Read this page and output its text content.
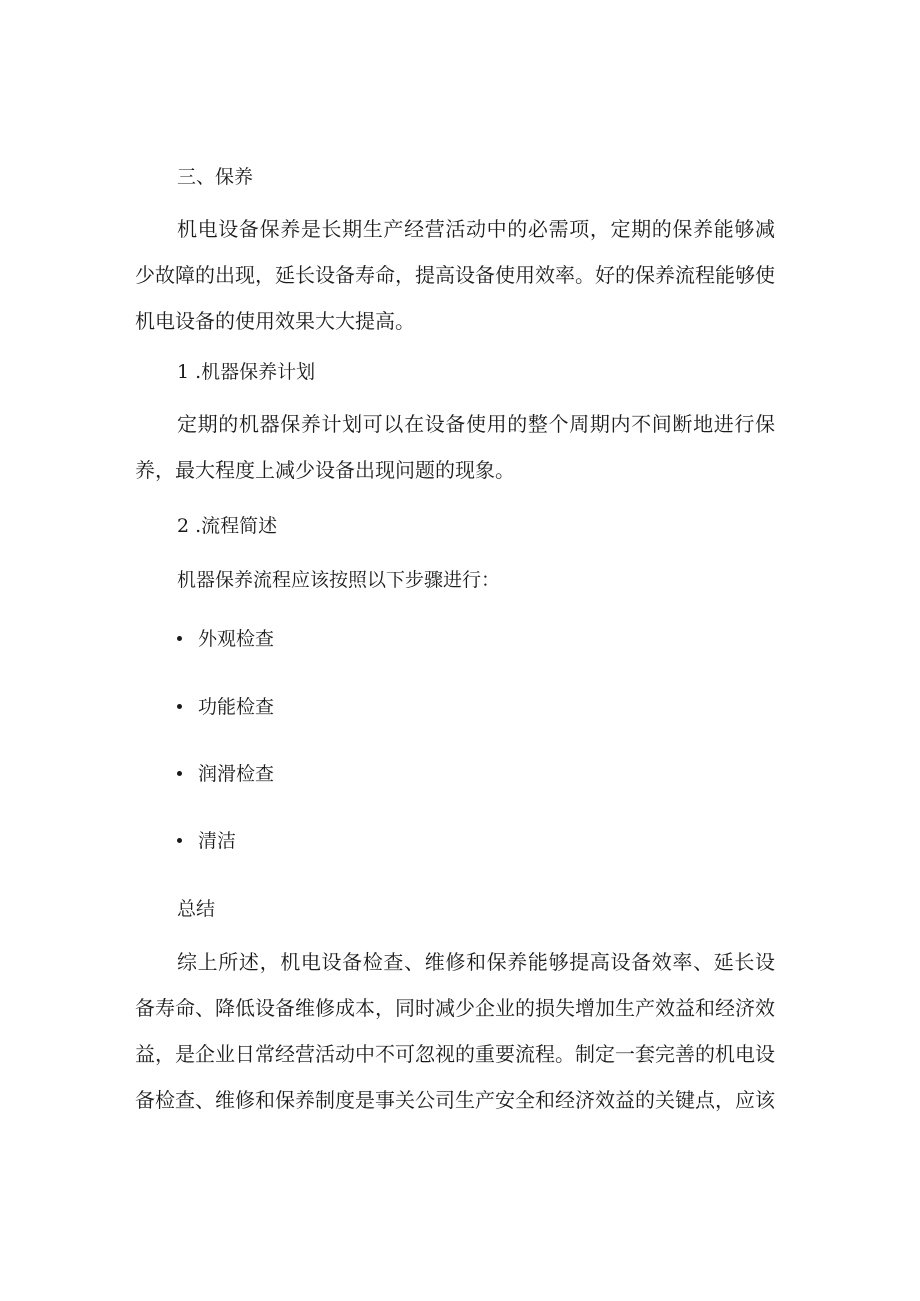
三、保养

机电设备保养是长期生产经营活动中的必需项，定期的保养能够减
少故障的出现，延长设备寿命，提高设备使用效率。好的保养流程能够使
机电设备的使用效果大大提高。

1 .机器保养计划

定期的机器保养计划可以在设备使用的整个周期内不间断地进行保
养，最大程度上减少设备出现问题的现象。

2 .流程简述

机器保养流程应该按照以下步骤进行：

外观检查
功能检查
润滑检查
清洁

总结

综上所述，机电设备检查、维修和保养能够提高设备效率、延长设
备寿命、降低设备维修成本，同时减少企业的损失增加生产效益和经济效
益，是企业日常经营活动中不可忽视的重要流程。制定一套完善的机电设
备检查、维修和保养制度是事关公司生产安全和经济效益的关键点，应该
